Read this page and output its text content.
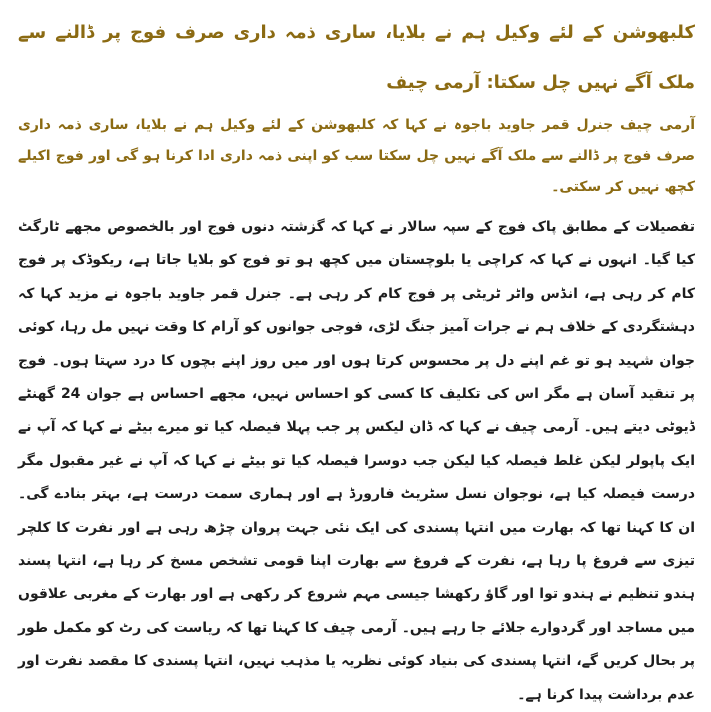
کلبھوشن کے لئے وکیل ہم نے بلایا، ساری ذمہ داری صرف فوج پر ڈالنے سے ملک آگے نہیں چل سکتا: آرمی چیف

آرمی چیف جنرل قمر جاوید باجوہ نے کہا کہ کلبھوشن کے لئے وکیل ہم نے بلایا، ساری ذمہ داری صرف فوج پر ڈالنے سے ملک آگے نہیں چل سکتا سب کو اپنی ذمہ داری ادا کرنا ہو گی اور فوج اکیلے کچھ نہیں کر سکتی۔

تفصیلات کے مطابق پاک فوج کے سپہ سالار نے کہا کہ گزشتہ دنوں فوج اور بالخصوص مجھے ٹارگٹ کیا گیا۔ انہوں نے کہا کہ کراچی یا بلوچستان میں کچھ ہو تو فوج کو بلایا جاتا ہے، ریکوڈک پر فوج کام کر رہی ہے، انڈس واٹر ٹریٹی پر فوج کام کر رہی ہے۔ جنرل قمر جاوید باجوہ نے مزید کہا کہ دہشتگردی کے خلاف ہم نے جرات آمیز جنگ لڑی، فوجی جوانوں کو آرام کا وقت نہیں مل رہا، کوئی جوان شہید ہو تو غم اپنے دل پر محسوس کرتا ہوں اور میں روز اپنے بچوں کا درد سہتا ہوں۔ فوج پر تنقید آسان ہے مگر اس کی تکلیف کا کسی کو احساس نہیں، مجھے احساس ہے جوان 24 گھنٹے ڈیوٹی دیتے ہیں۔ آرمی چیف نے کہا کہ ڈان لیکس پر جب پہلا فیصلہ کیا تو میرے بیٹے نے کہا کہ آپ نے ایک پاپولر لیکن غلط فیصلہ کیا لیکن جب دوسرا فیصلہ کیا تو بیٹے نے کہا کہ آپ نے غیر مقبول مگر درست فیصلہ کیا ہے، نوجوان نسل سٹریٹ فارورڈ ہے اور ہماری سمت درست ہے، بہتر بنادے گی۔ ان کا کہنا تھا کہ بھارت میں انتہا پسندی کی ایک نئی جہت پروان چڑھ رہی ہے اور نفرت کا کلچر تیزی سے فروغ پا رہا ہے، نفرت کے فروغ سے بھارت اپنا قومی تشخص مسخ کر رہا ہے، انتہا پسند ہندو تنظیم نے ہندو توا اور گاؤ رکھشا جیسی مہم شروع کر رکھی ہے اور بھارت کے مغربی علاقوں میں مساجد اور گردوارے جلائے جا رہے ہیں۔ آرمی چیف کا کہنا تھا کہ ریاست کی رٹ کو مکمل طور پر بحال کریں گے، انتہا پسندی کی بنیاد کوئی نظریہ یا مذہب نہیں، انتہا پسندی کا مقصد نفرت اور عدم برداشت پیدا کرنا ہے۔
